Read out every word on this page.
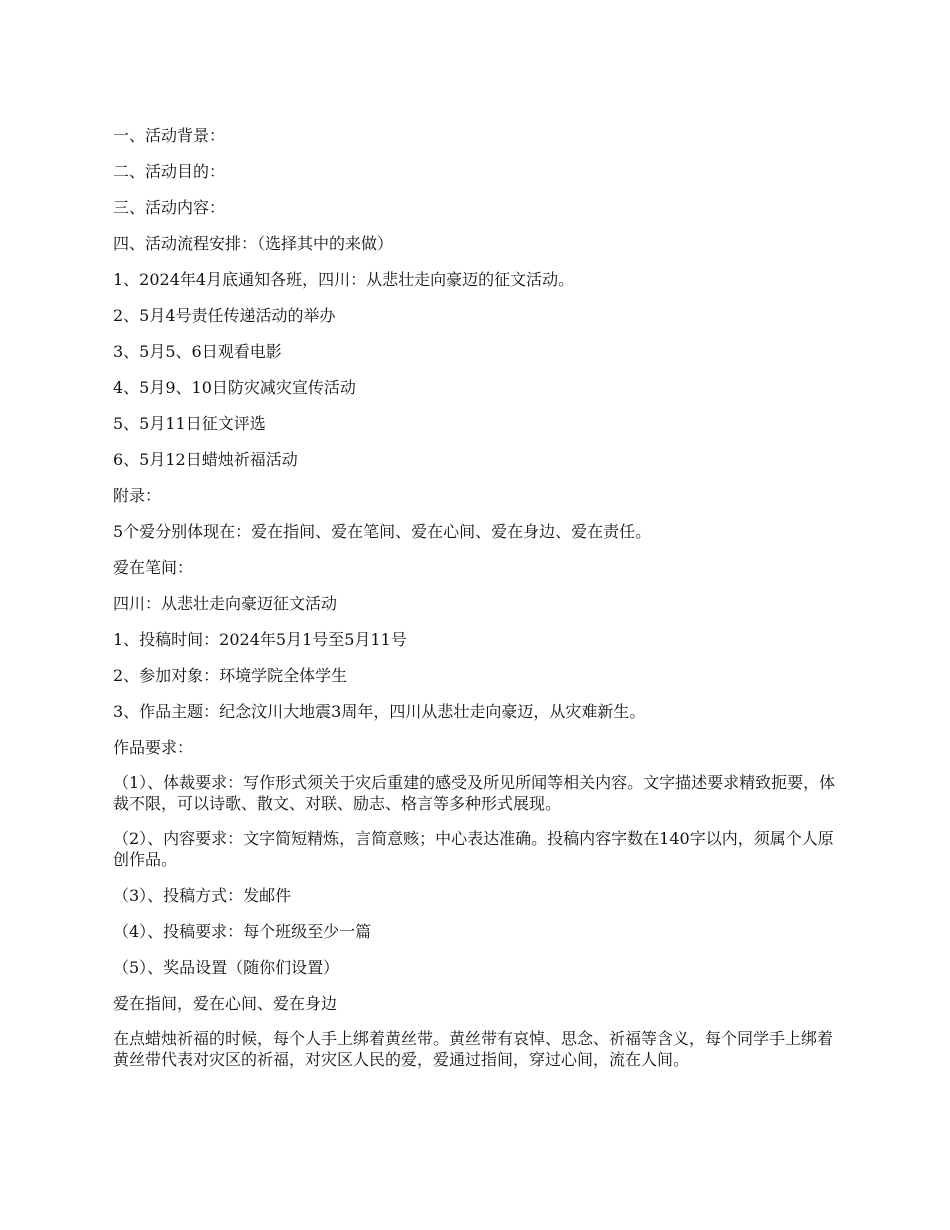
一、活动背景：

二、活动目的：

三、活动内容：

四、活动流程安排：（选择其中的来做）

1、2024年4月底通知各班，四川：从悲壮走向豪迈的征文活动。

2、5月4号责任传递活动的举办

3、5月5、6日观看电影

4、5月9、10日防灾减灾宣传活动

5、5月11日征文评选

6、5月12日蜡烛祈福活动

附录：

5个爱分别体现在：爱在指间、爱在笔间、爱在心间、爱在身边、爱在责任。

爱在笔间：

四川：从悲壮走向豪迈征文活动

1、投稿时间：2024年5月1号至5月11号

2、参加对象：环境学院全体学生

3、作品主题：纪念汶川大地震3周年，四川从悲壮走向豪迈，从灾难新生。

作品要求：

（1）、体裁要求：写作形式须关于灾后重建的感受及所见所闻等相关内容。文字描述要求精致扼要，体裁不限，可以诗歌、散文、对联、励志、格言等多种形式展现。

（2）、内容要求：文字简短精炼，言简意赅；中心表达准确。投稿内容字数在140字以内，须属个人原创作品。

（3）、投稿方式：发邮件

（4）、投稿要求：每个班级至少一篇

（5）、奖品设置（随你们设置）

爱在指间，爱在心间、爱在身边

在点蜡烛祈福的时候，每个人手上绑着黄丝带。黄丝带有哀悼、思念、祈福等含义，每个同学手上绑着黄丝带代表对灾区的祈福，对灾区人民的爱，爱通过指间，穿过心间，流在人间。
